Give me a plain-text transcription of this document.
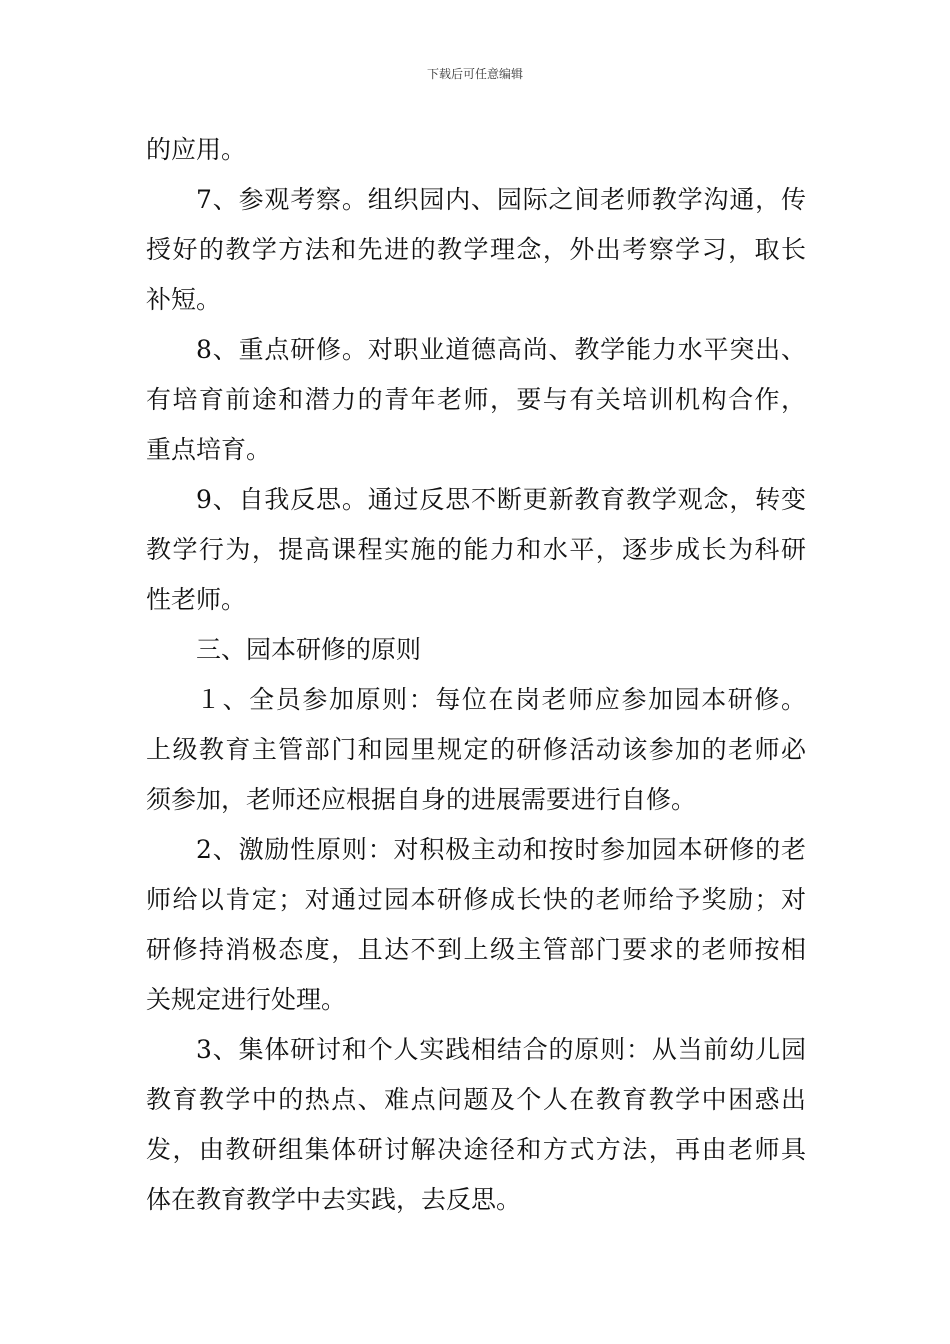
下载后可任意编辑
的应用。
7、参观考察。组织园内、园际之间老师教学沟通，传
授好的教学方法和先进的教学理念，外出考察学习，取长
补短。
8、重点研修。对职业道德高尚、教学能力水平突出、
有培育前途和潜力的青年老师，要与有关培训机构合作，
重点培育。
9、自我反思。通过反思不断更新教育教学观念，转变
教学行为，提高课程实施的能力和水平，逐步成长为科研
性老师。
三、园本研修的原则
１、全员参加原则：每位在岗老师应参加园本研修。
上级教育主管部门和园里规定的研修活动该参加的老师必
须参加，老师还应根据自身的进展需要进行自修。
2、激励性原则：对积极主动和按时参加园本研修的老
师给以肯定；对通过园本研修成长快的老师给予奖励；对
研修持消极态度，且达不到上级主管部门要求的老师按相
关规定进行处理。
3、集体研讨和个人实践相结合的原则：从当前幼儿园
教育教学中的热点、难点问题及个人在教育教学中困惑出
发，由教研组集体研讨解决途径和方式方法，再由老师具
体在教育教学中去实践，去反思。
